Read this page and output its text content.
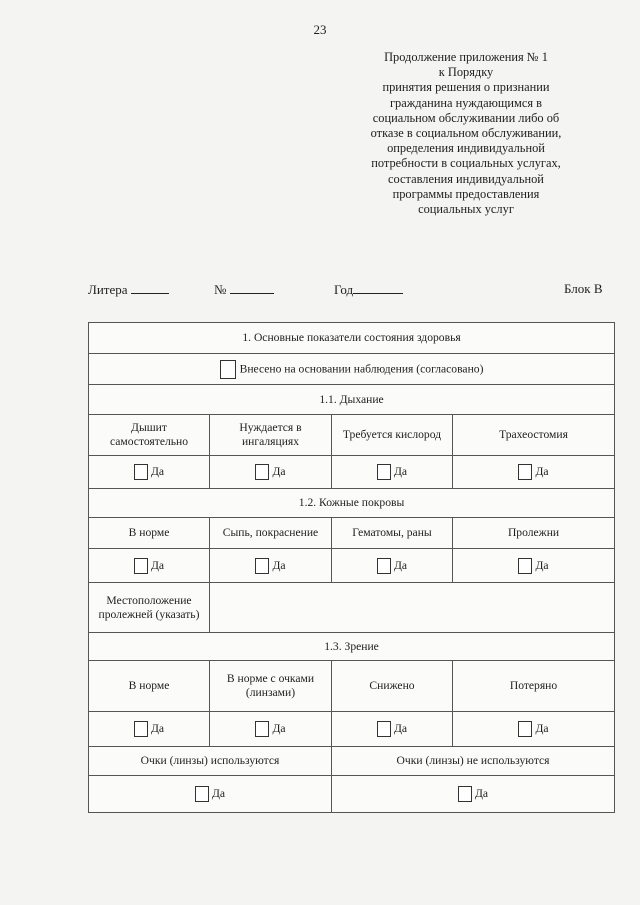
23
Продолжение приложения № 1
к Порядку
принятия решения о признании
гражданина нуждающимся в
социальном обслуживании либо об
отказе в социальном обслуживании,
определения индивидуальной
потребности в социальных услугах,
составления индивидуальной
программы предоставления
социальных услуг
Литера	№	Год	Блок В
1. Основные показатели состояния здоровья			
Внесено на основании наблюдения (согласовано)			
1.1. Дыхание			
Дышит самостоятельно	Нуждается в ингаляциях	Требуется кислород	Трахеостомия
Да	Да	Да	Да
1.2. Кожные покровы			
В норме	Сыпь, покраснение	Гематомы, раны	Пролежни
Да	Да	Да	Да
Местоположение пролежней (указать)			
1.3. Зрение			
В норме	В норме с очками (линзами)	Снижено	Потеряно
Да	Да	Да	Да
Очки (линзы) используются		Очки (линзы) не используются	
Да		Да	
